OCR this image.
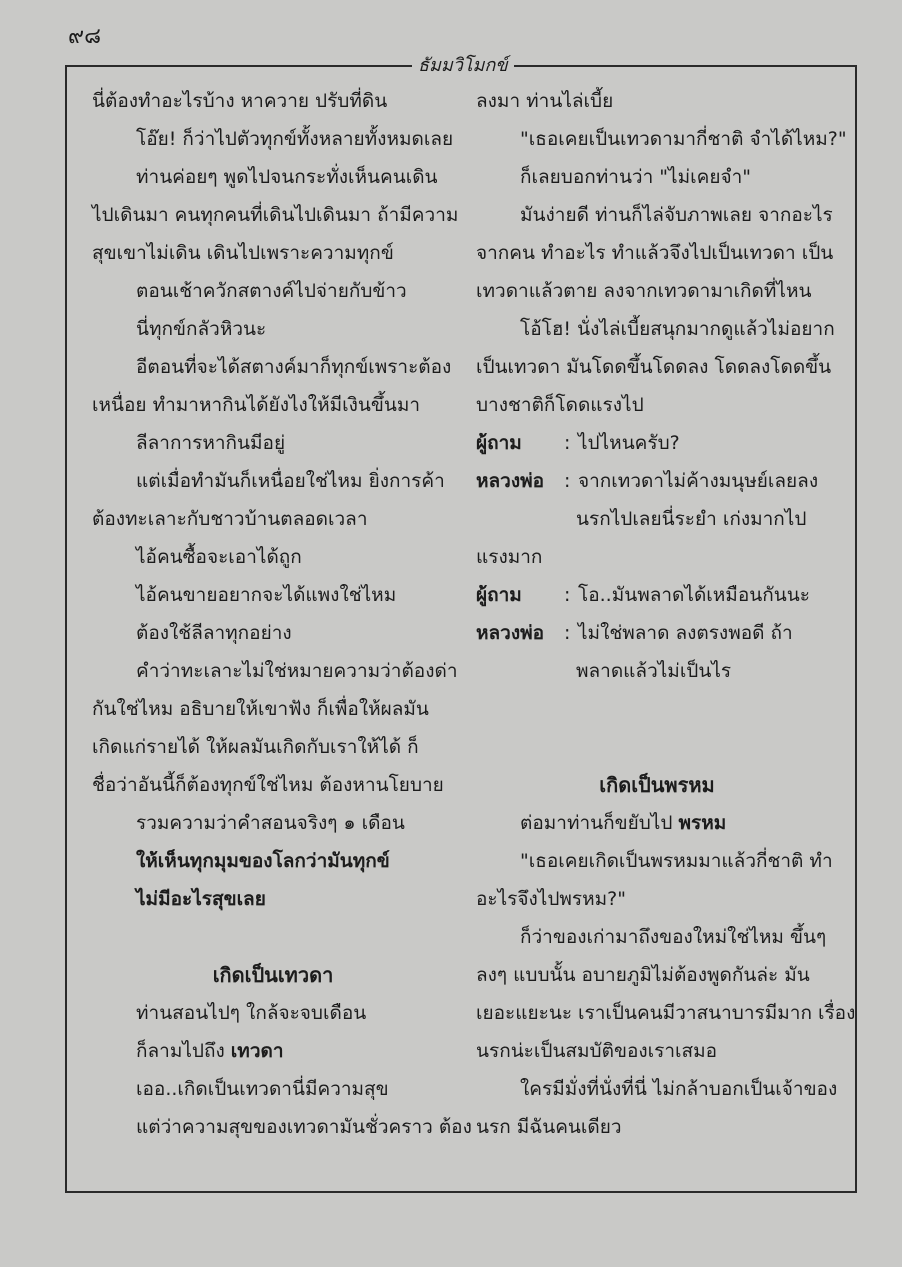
๙๘
ธัมมวิโมกข์

นี่ต้องทำอะไรบ้าง หาควาย ปรับที่ดิน

โอ๊ย! ก็ว่าไปตัวทุกข์ทั้งหลายทั้งหมดเลย

ท่านค่อยๆ พูดไปจนกระทั่งเห็นคนเดิน

ไปเดินมา คนทุกคนที่เดินไปเดินมา ถ้ามีความ

สุขเขาไม่เดิน เดินไปเพราะความทุกข์

ตอนเช้าควักสตางค์ไปจ่ายกับข้าว

นี่ทุกข์กลัวหิวนะ

อีตอนที่จะได้สตางค์มาก็ทุกข์เพราะต้อง

เหนื่อย ทำมาหากินได้ยังไงให้มีเงินขึ้นมา

ลีลาการหากินมีอยู่

แต่เมื่อทำมันก็เหนื่อยใช่ไหม ยิ่งการค้า

ต้องทะเลาะกับชาวบ้านตลอดเวลา

ไอ้คนซื้อจะเอาได้ถูก

ไอ้คนขายอยากจะได้แพงใช่ไหม

ต้องใช้ลีลาทุกอย่าง

คำว่าทะเลาะไม่ใช่หมายความว่าต้องด่า

กันใช่ไหม อธิบายให้เขาฟัง ก็เพื่อให้ผลมัน

เกิดแก่รายได้ ให้ผลมันเกิดกับเราให้ได้ ก็

ชื่อว่าอันนี้ก็ต้องทุกข์ใช่ไหม ต้องหานโยบาย

รวมความว่าคำสอนจริงๆ ๑ เดือน

ให้เห็นทุกมุมของโลกว่ามันทุกข์

ไม่มีอะไรสุขเลย

เกิดเป็นเทวดา

ท่านสอนไปๆ ใกล้จะจบเดือน

ก็ลามไปถึง เทวดา

เออ..เกิดเป็นเทวดานี่มีความสุข

แต่ว่าความสุขของเทวดามันชั่วคราว ต้อง

ลงมา ท่านไล่เบี้ย

"เธอเคยเป็นเทวดามากี่ชาติ จำได้ไหม?"

ก็เลยบอกท่านว่า "ไม่เคยจำ"

มันง่ายดี ท่านก็ไล่จับภาพเลย จากอะไร

จากคน ทำอะไร ทำแล้วจึงไปเป็นเทวดา เป็น

เทวดาแล้วตาย ลงจากเทวดามาเกิดที่ไหน

โอ้โฮ! นั่งไล่เบี้ยสนุกมากดูแล้วไม่อยาก

เป็นเทวดา มันโดดขึ้นโดดลง โดดลงโดดขึ้น

บางชาติก็โดดแรงไป

ผู้ถาม	: ไปไหนครับ?
หลวงพ่อ	: จากเทวดาไม่ค้างมนุษย์เลยลง
นรกไปเลยนี่ระยำ เก่งมากไป
แรงมาก
ผู้ถาม	: โอ..มันพลาดได้เหมือนกันนะ
หลวงพ่อ	: ไม่ใช่พลาด ลงตรงพอดี ถ้า
พลาดแล้วไม่เป็นไร

เกิดเป็นพรหม

ต่อมาท่านก็ขยับไป พรหม

"เธอเคยเกิดเป็นพรหมมาแล้วกี่ชาติ ทำ

อะไรจึงไปพรหม?"

ก็ว่าของเก่ามาถึงของใหม่ใช่ไหม ขึ้นๆ

ลงๆ แบบนั้น อบายภูมิไม่ต้องพูดกันล่ะ มัน

เยอะแยะนะ เราเป็นคนมีวาสนาบารมีมาก เรื่อง

นรกน่ะเป็นสมบัติของเราเสมอ

ใครมีมั่งที่นั่งที่นี่ ไม่กล้าบอกเป็นเจ้าของ

นรก มีฉันคนเดียว
